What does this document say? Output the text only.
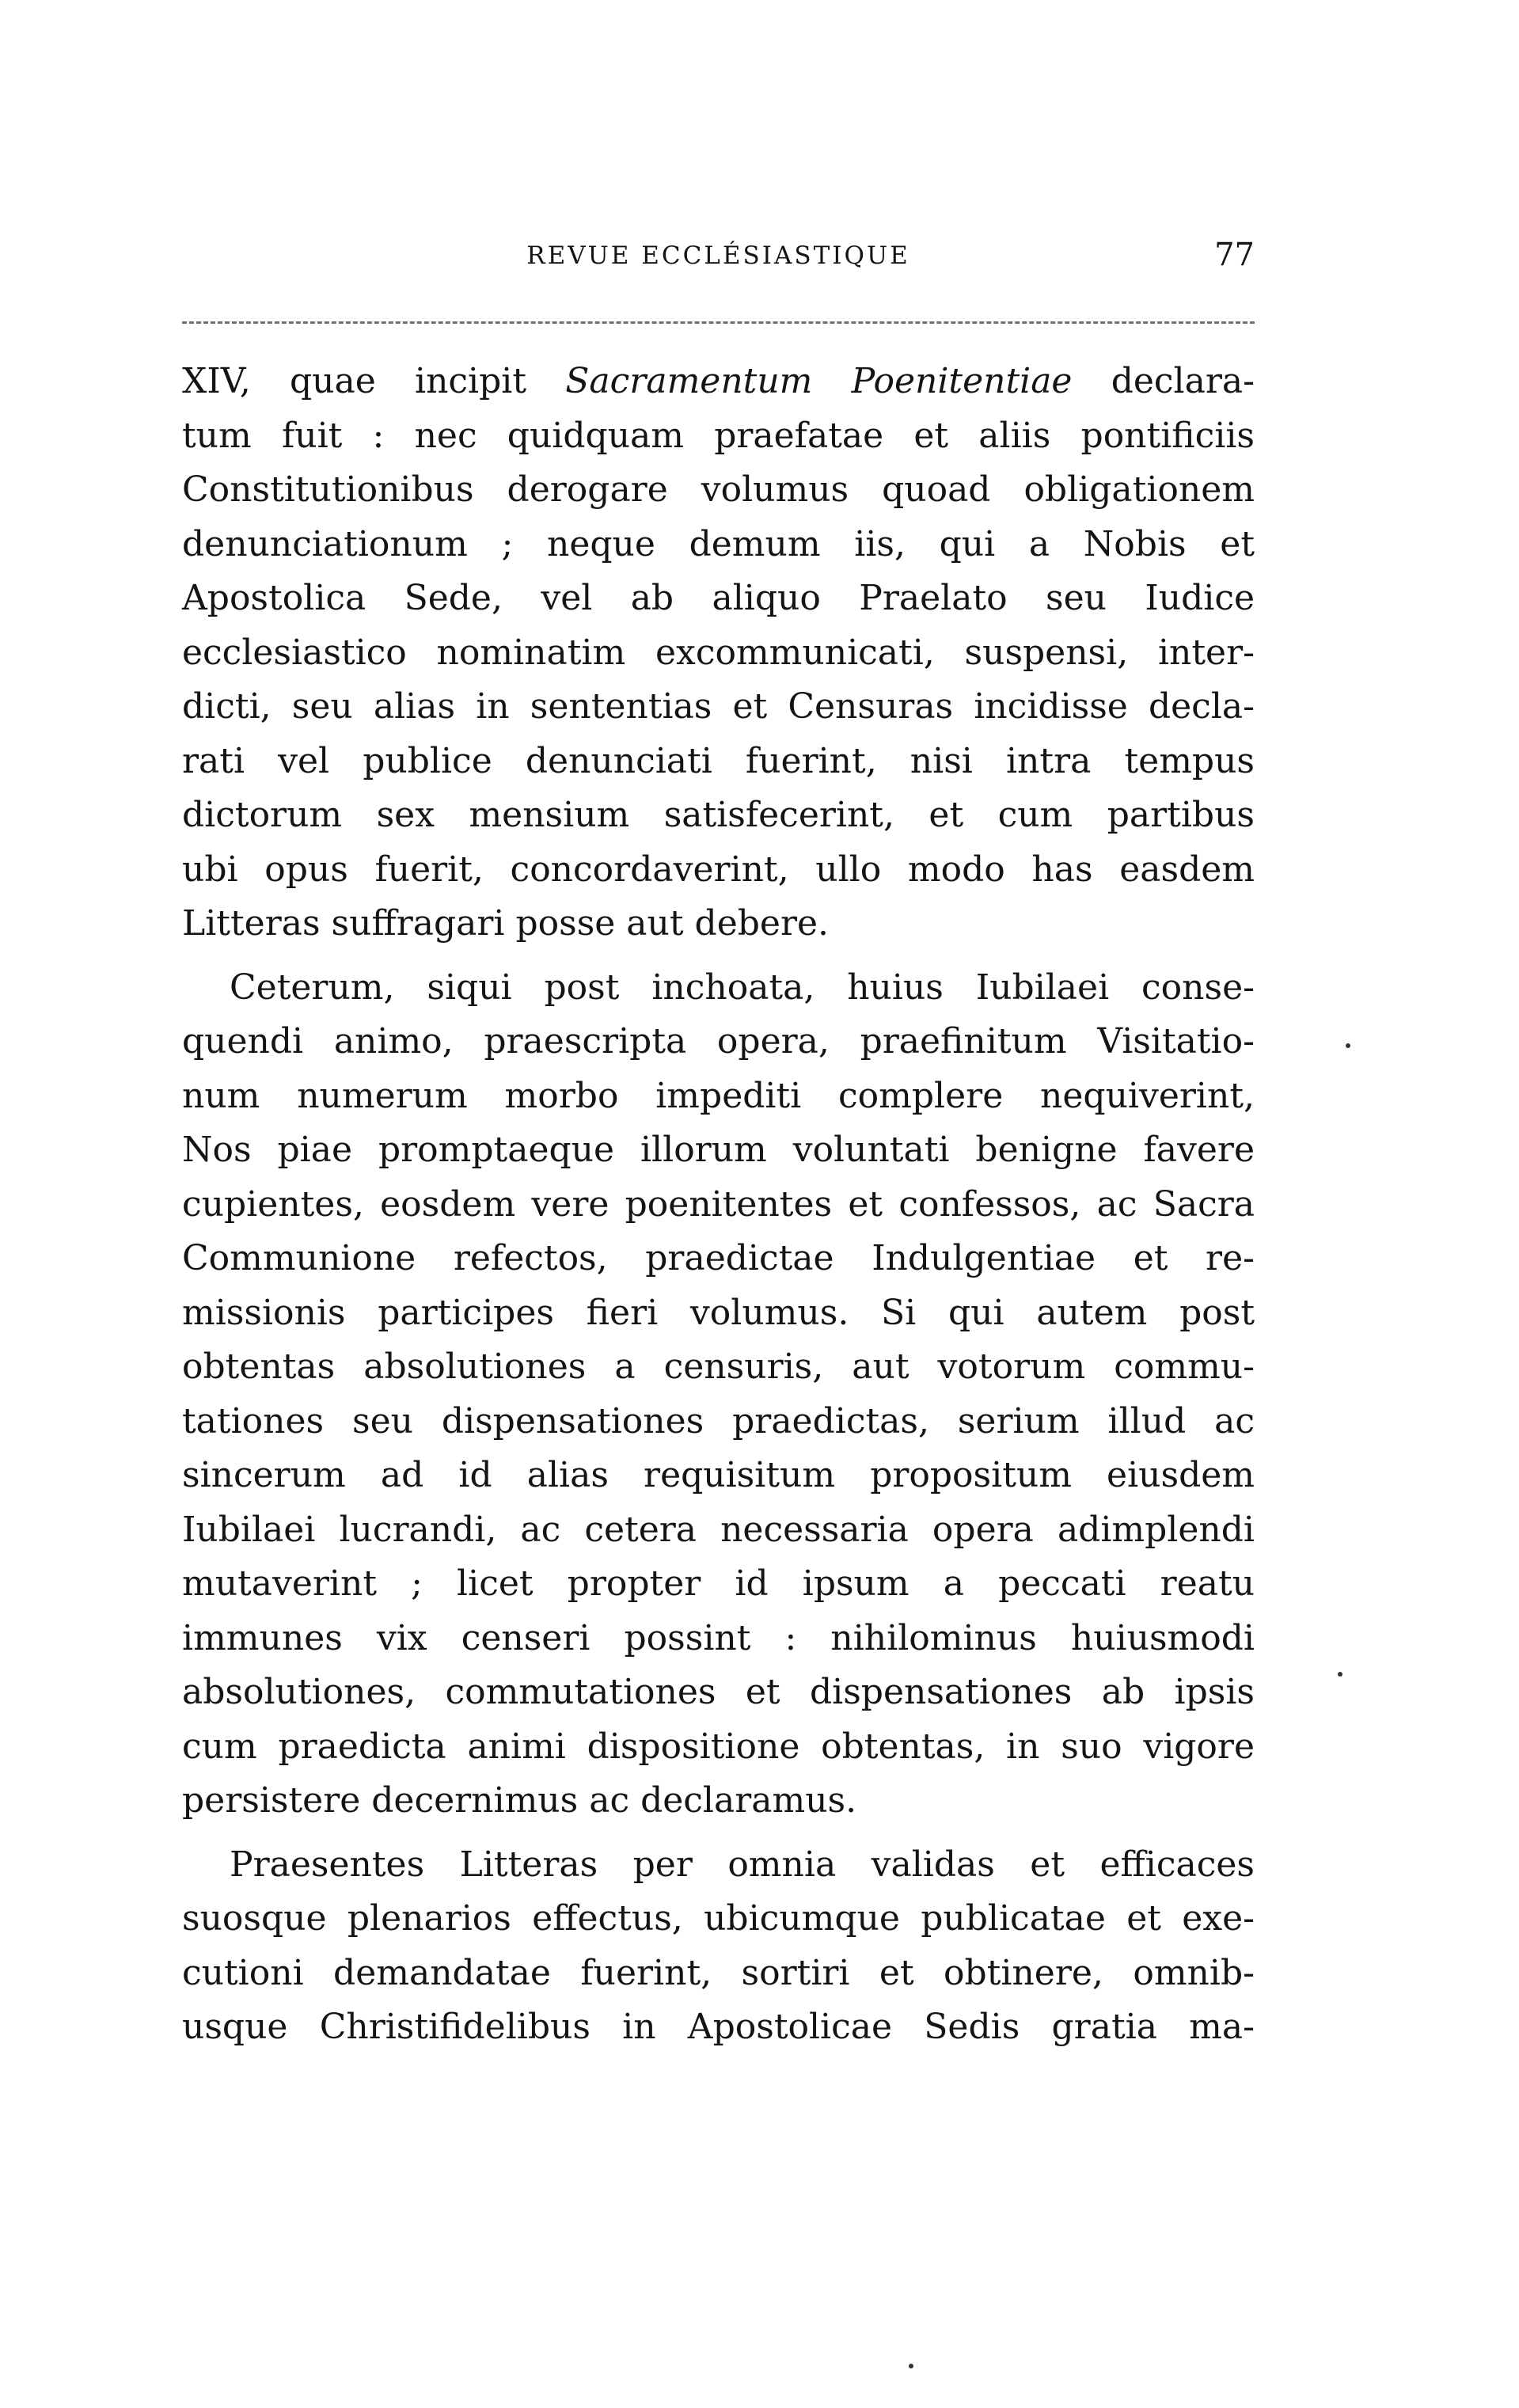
REVUE ECCLÉSIASTIQUE	77
XIV, quae incipit Sacramentum Poenitentiae declara-
tum fuit : nec quidquam praefatae et aliis pontificiis
Constitutionibus derogare volumus quoad obligationem
denunciationum ; neque demum iis, qui a Nobis et
Apostolica Sede, vel ab aliquo Praelato seu Iudice
ecclesiastico nominatim excommunicati, suspensi, inter-
dicti, seu alias in sententias et Censuras incidisse decla-
rati vel publice denunciati fuerint, nisi intra tempus
dictorum sex mensium satisfecerint, et cum partibus
ubi opus fuerit, concordaverint, ullo modo has easdem
Litteras suffragari posse aut debere.
Ceterum, siqui post inchoata, huius Iubilaei conse-
quendi animo, praescripta opera, praefinitum Visitatio-
num numerum morbo impediti complere nequiverint,
Nos piae promptaeque illorum voluntati benigne favere
cupientes, eosdem vere poenitentes et confessos, ac Sacra
Communione refectos, praedictae Indulgentiae et re-
missionis participes fieri volumus. Si qui autem post
obtentas absolutiones a censuris, aut votorum commu-
tationes seu dispensationes praedictas, serium illud ac
sincerum ad id alias requisitum propositum eiusdem
Iubilaei lucrandi, ac cetera necessaria opera adimplendi
mutaverint ; licet propter id ipsum a peccati reatu
immunes vix censeri possint : nihilominus huiusmodi
absolutiones, commutationes et dispensationes ab ipsis
cum praedicta animi dispositione obtentas, in suo vigore
persistere decernimus ac declaramus.
Praesentes Litteras per omnia validas et efficaces
suosque plenarios effectus, ubicumque publicatae et exe-
cutioni demandatae fuerint, sortiri et obtinere, omnib-
usque Christifidelibus in Apostolicae Sedis gratia ma-
